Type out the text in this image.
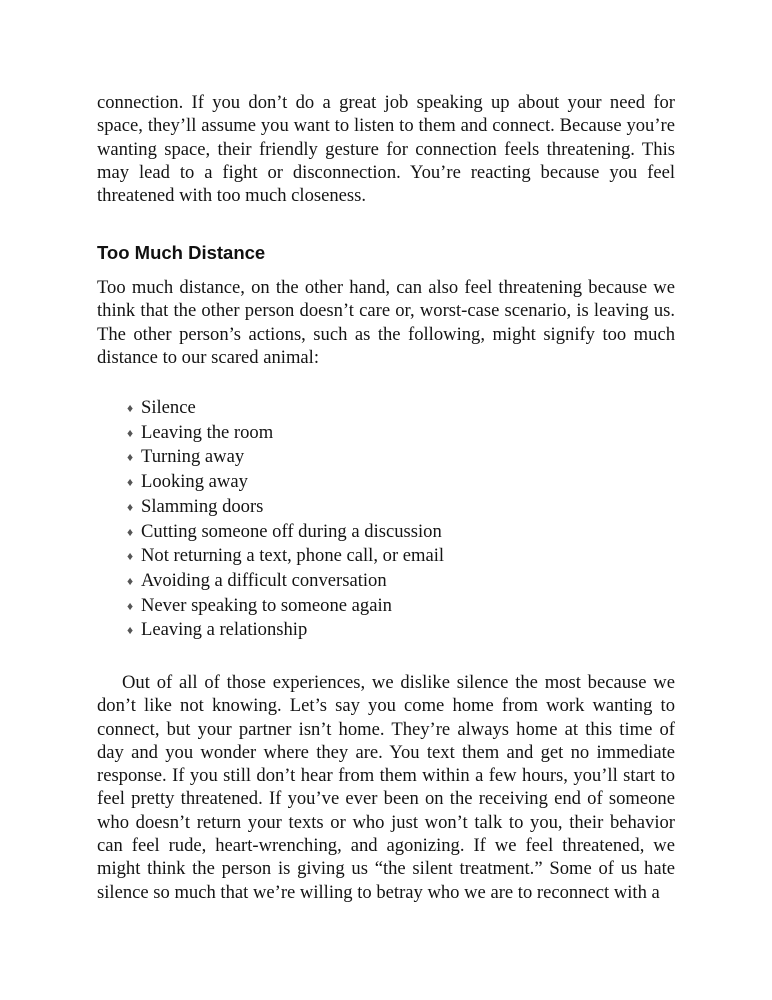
connection. If you don’t do a great job speaking up about your need for space, they’ll assume you want to listen to them and connect. Because you’re wanting space, their friendly gesture for connection feels threatening. This may lead to a fight or disconnection. You’re reacting because you feel threatened with too much closeness.

Too Much Distance

Too much distance, on the other hand, can also feel threatening because we think that the other person doesn’t care or, worst-case scenario, is leaving us. The other person’s actions, such as the following, might signify too much distance to our scared animal:

♦ Silence
♦ Leaving the room
♦ Turning away
♦ Looking away
♦ Slamming doors
♦ Cutting someone off during a discussion
♦ Not returning a text, phone call, or email
♦ Avoiding a difficult conversation
♦ Never speaking to someone again
♦ Leaving a relationship

Out of all of those experiences, we dislike silence the most because we don’t like not knowing. Let’s say you come home from work wanting to connect, but your partner isn’t home. They’re always home at this time of day and you wonder where they are. You text them and get no immediate response. If you still don’t hear from them within a few hours, you’ll start to feel pretty threatened. If you’ve ever been on the receiving end of someone who doesn’t return your texts or who just won’t talk to you, their behavior can feel rude, heart-wrenching, and agonizing. If we feel threatened, we might think the person is giving us “the silent treatment.” Some of us hate silence so much that we’re willing to betray who we are to reconnect with a
